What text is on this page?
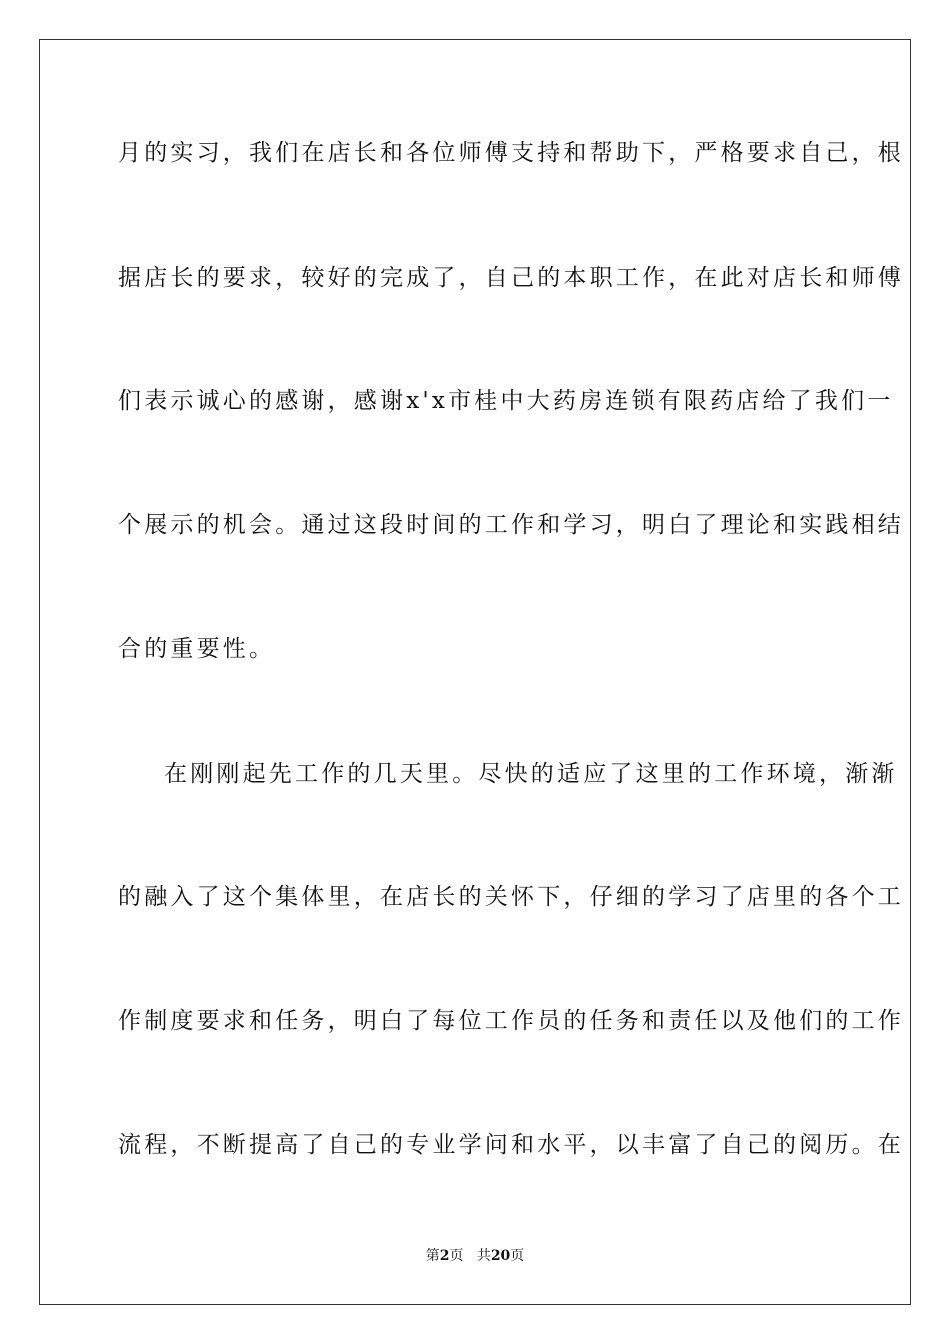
月的实习，我们在店长和各位师傅支持和帮助下，严格要求自己，根
据店长的要求，较好的完成了，自己的本职工作，在此对店长和师傅
们表示诚心的感谢，感谢x'x市桂中大药房连锁有限药店给了我们一
个展示的机会。通过这段时间的工作和学习，明白了理论和实践相结
合的重要性。
在刚刚起先工作的几天里。尽快的适应了这里的工作环境，渐渐
的融入了这个集体里，在店长的关怀下，仔细的学习了店里的各个工
作制度要求和任务，明白了每位工作员的任务和责任以及他们的工作
流程，不断提高了自己的专业学问和水平，以丰富了自己的阅历。在
第2页 共20页
